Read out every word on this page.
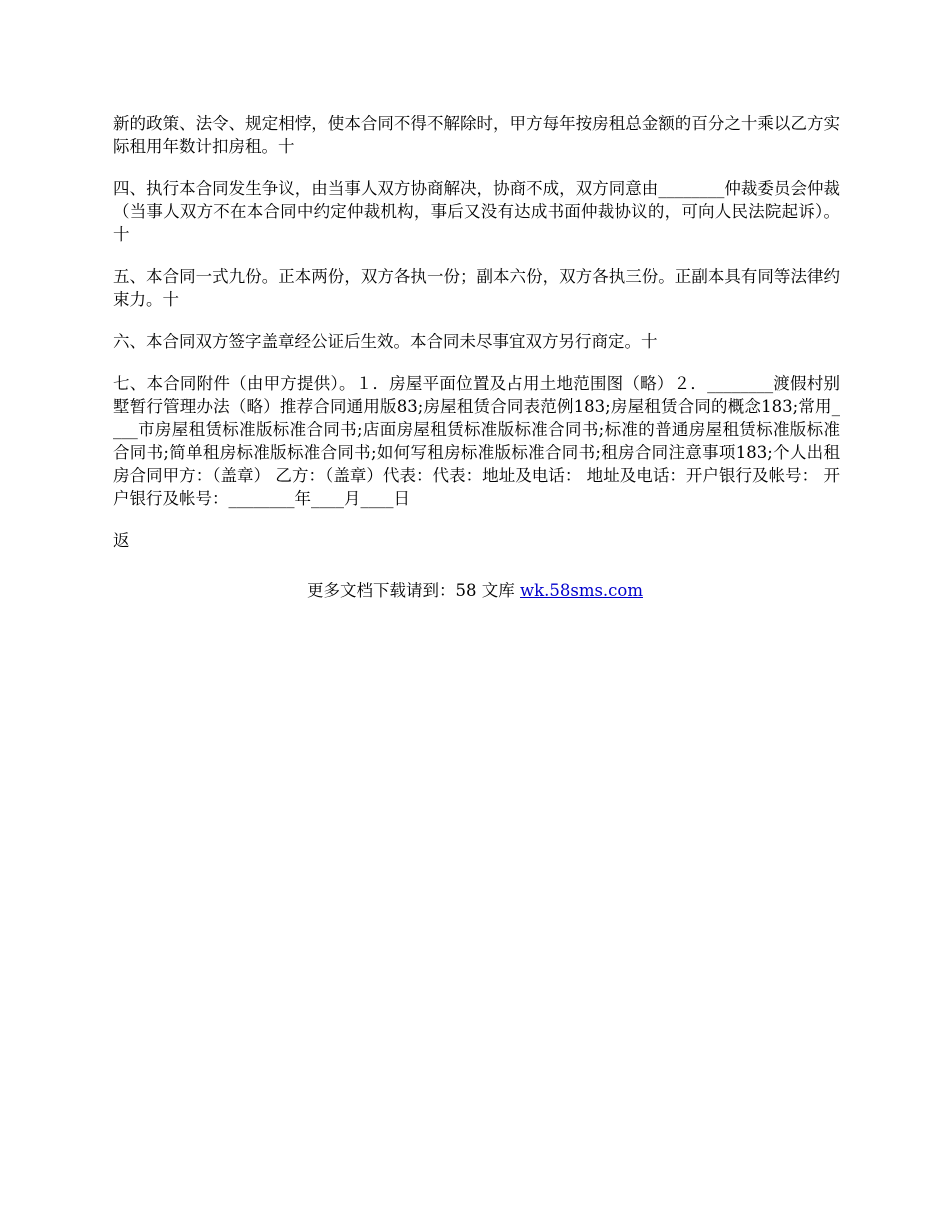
新的政策、法令、规定相悖，使本合同不得不解除时，甲方每年按房租总金额的百分之十乘以乙方实际租用年数计扣房租。十

四、执行本合同发生争议，由当事人双方协商解决，协商不成，双方同意由________仲裁委员会仲裁（当事人双方不在本合同中约定仲裁机构，事后又没有达成书面仲裁协议的，可向人民法院起诉）。十

五、本合同一式九份。正本两份，双方各执一份；副本六份，双方各执三份。正副本具有同等法律约束力。十

六、本合同双方签字盖章经公证后生效。本合同未尽事宜双方另行商定。十

七、本合同附件（由甲方提供）。１．房屋平面位置及占用土地范围图（略）２．________渡假村别墅暂行管理办法（略）推荐合同通用版83;房屋租赁合同表范例183;房屋租赁合同的概念183;常用____市房屋租赁标准版标准合同书;店面房屋租赁标准版标准合同书;标准的普通房屋租赁标准版标准合同书;简单租房标准版标准合同书;如何写租房标准版标准合同书;租房合同注意事项183;个人出租房合同甲方：（盖章） 乙方：（盖章）代表：代表：地址及电话： 地址及电话：开户银行及帐号： 开户银行及帐号：________年____月____日

返

更多文档下载请到：58 文库 wk.58sms.com
